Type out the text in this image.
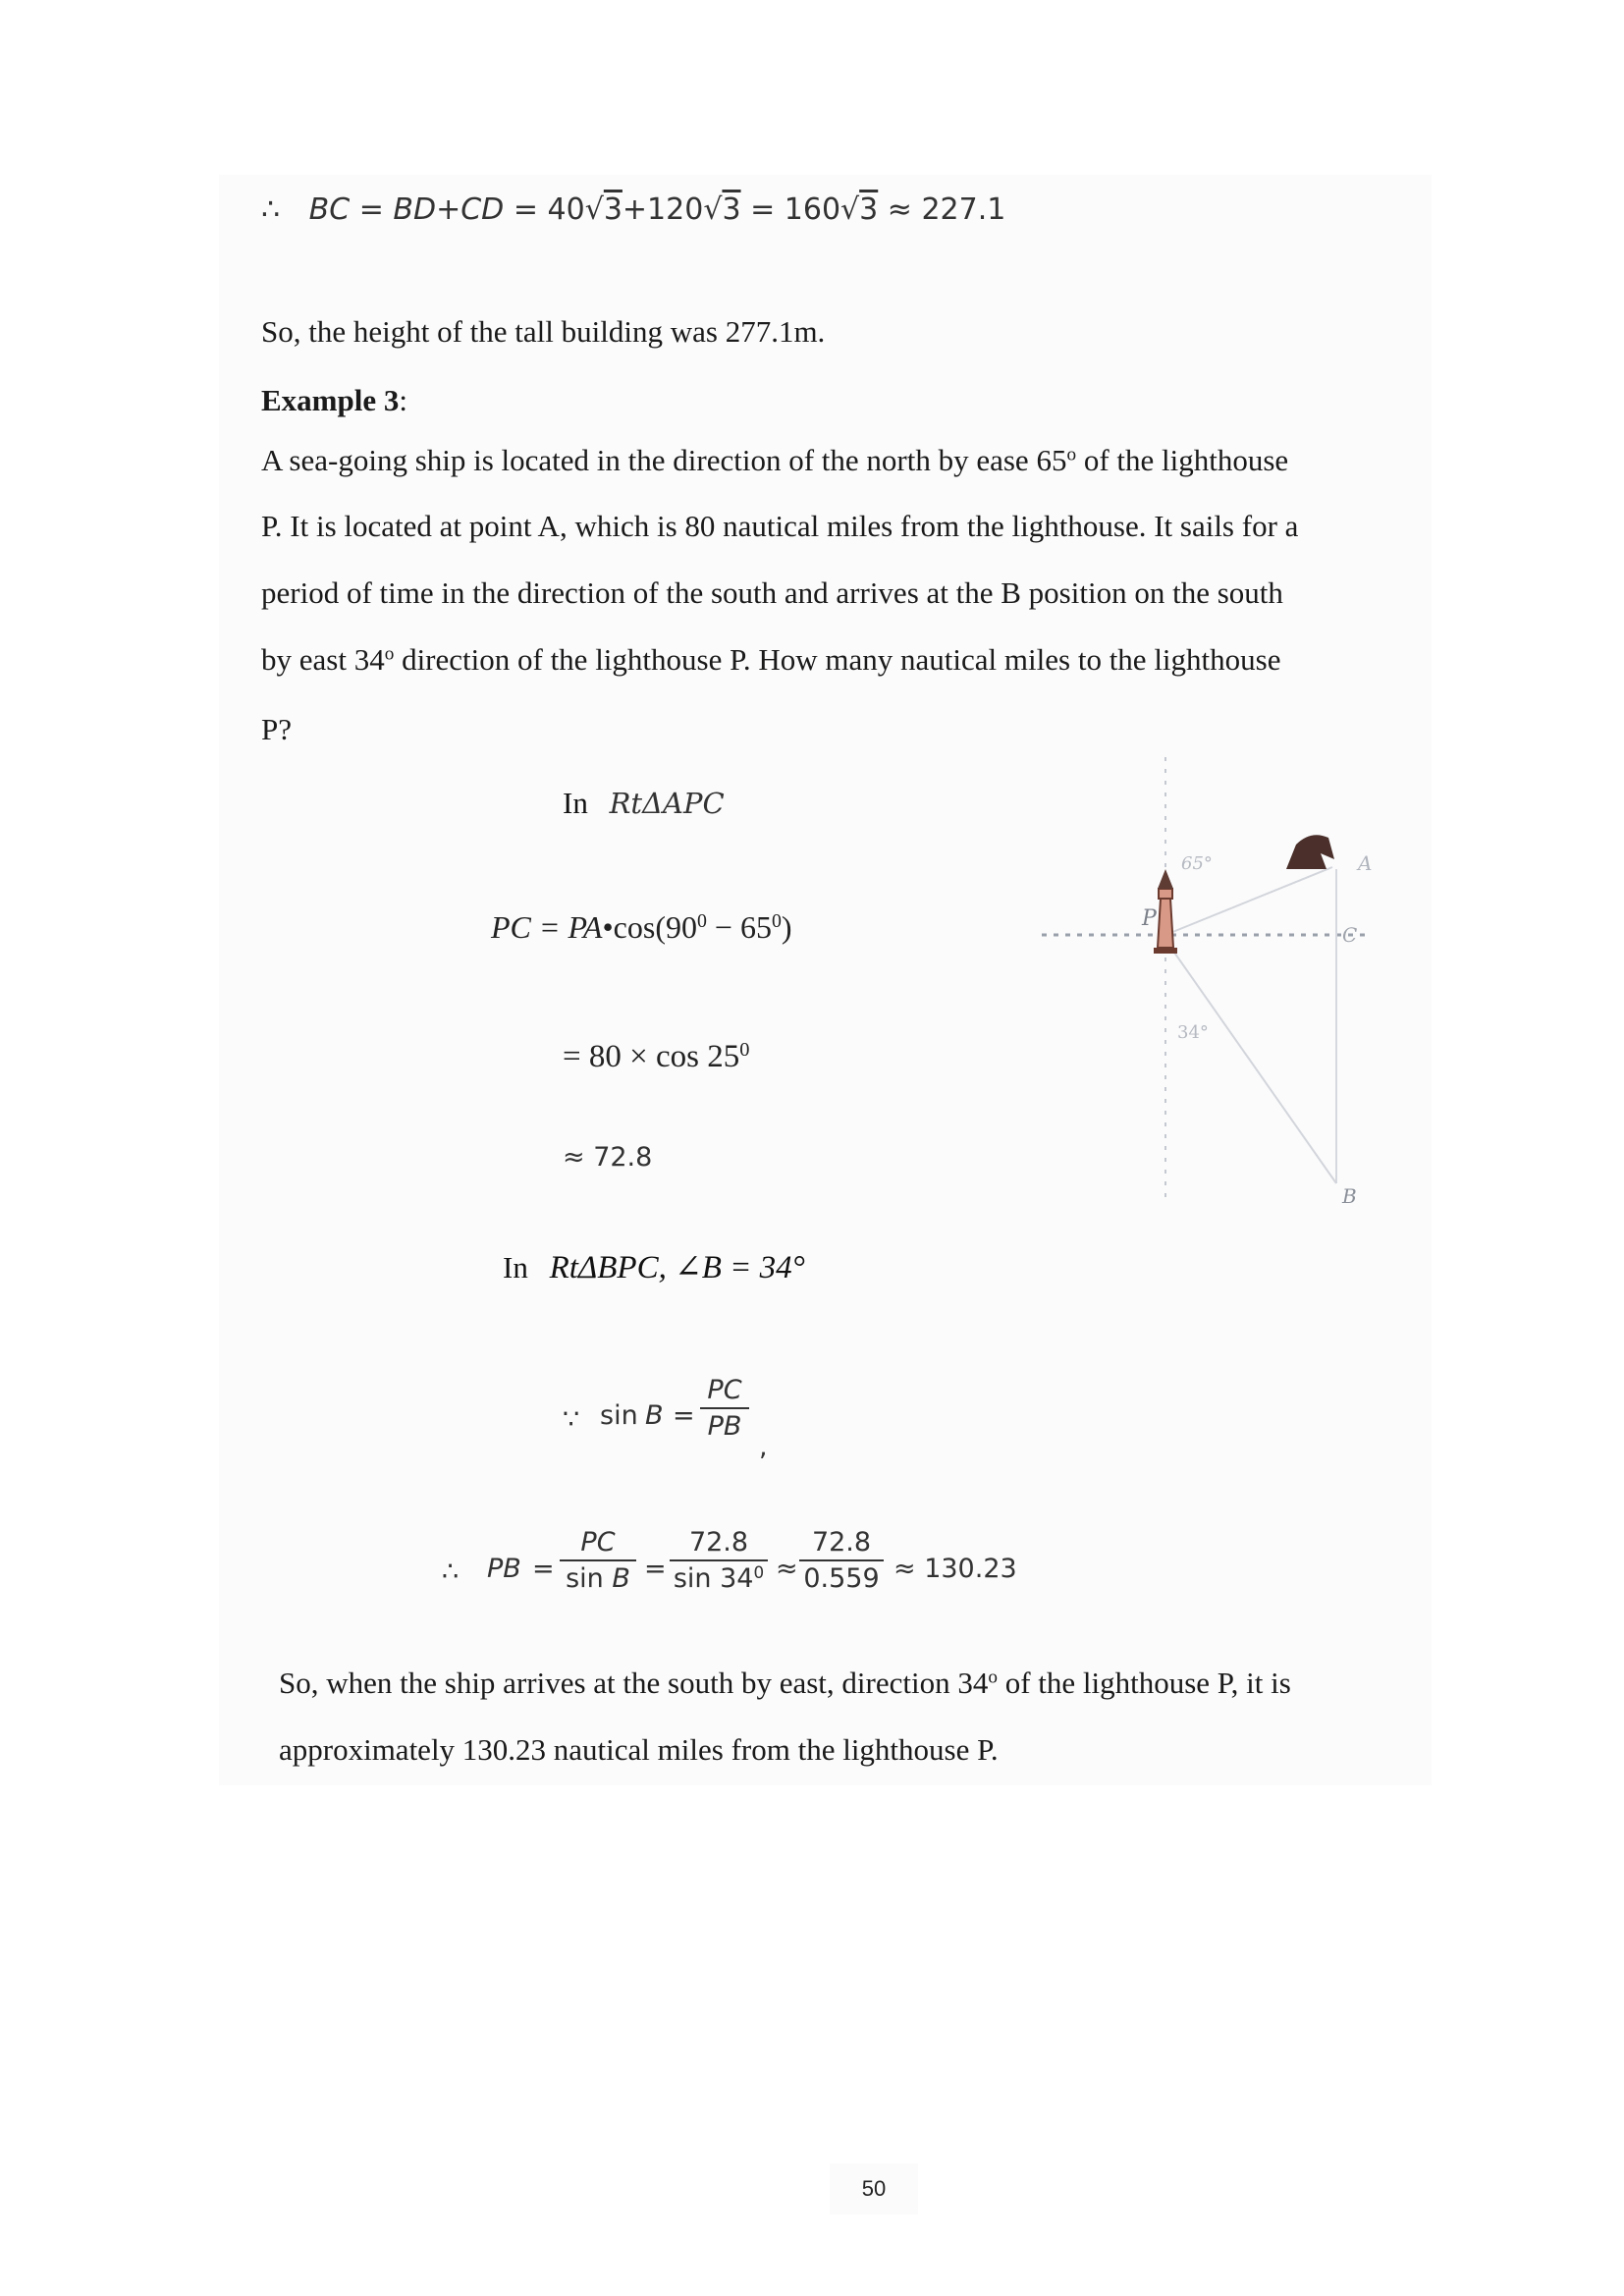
∴ BC = BD+CD = 40√3+120√3 = 160√3 ≈ 227.1
So, the height of the tall building was 277.1m.
Example 3:
A sea-going ship is located in the direction of the north by ease 65$^o$ of the lighthouse
P. It is located at point A, which is 80 nautical miles from the lighthouse. It sails for a
period of time in the direction of the south and arrives at the B position on the south
by east 34$^o$ direction of the lighthouse P. How many nautical miles to the lighthouse
P?
In RtΔAPC
PC = $PA•\cos(90^0 - 65^0)$
= $80 \times \cos 25^0$
≈ 72.8
In RtΔBPC, ∠B = 34°
∵ sin B =
PC
PB
,
∴ PB =
PC
sin B =
72.8
$\sin 34^0$ ≈
72.8
0.559 ≈ 130.23
So, when the ship arrives at the south by east, direction 34$^o$ of the lighthouse P, it is
approximately 130.23 nautical miles from the lighthouse P.
P
A
C
B
65°
34°
50
